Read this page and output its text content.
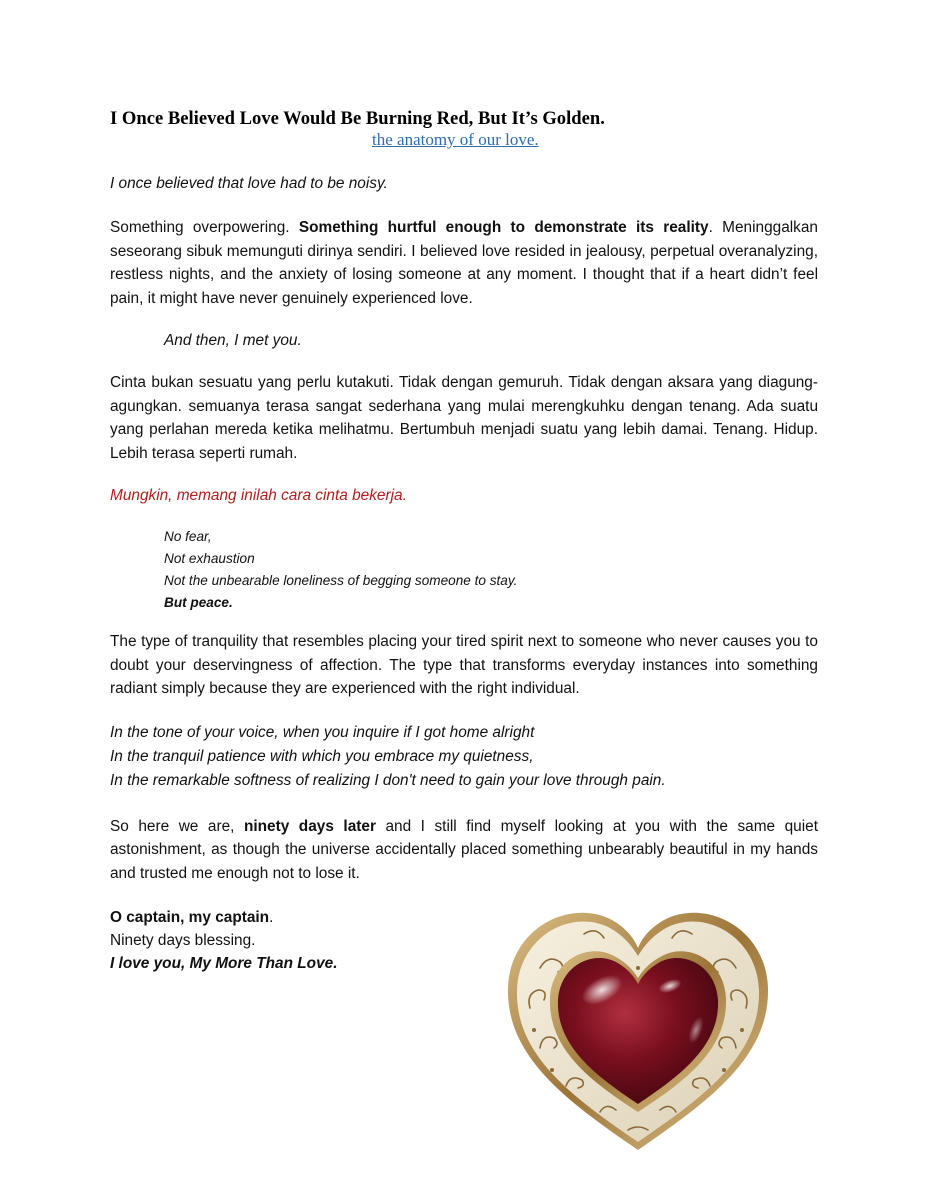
I Once Believed Love Would Be Burning Red, But It’s Golden.

the anatomy of our love.

I once believed that love had to be noisy.

Something overpowering. Something hurtful enough to demonstrate its reality. Meninggalkan seseorang sibuk memunguti dirinya sendiri. I believed love resided in jealousy, perpetual overanalyzing, restless nights, and the anxiety of losing someone at any moment. I thought that if a heart didn’t feel pain, it might have never genuinely experienced love.

And then, I met you.

Cinta bukan sesuatu yang perlu kutakuti. Tidak dengan gemuruh. Tidak dengan aksara yang diagung-agungkan. semuanya terasa sangat sederhana yang mulai merengkuhku dengan tenang. Ada suatu yang perlahan mereda ketika melihatmu. Bertumbuh menjadi suatu yang lebih damai. Tenang. Hidup. Lebih terasa seperti rumah.

Mungkin, memang inilah cara cinta bekerja.

No fear,
Not exhaustion
Not the unbearable loneliness of begging someone to stay.
But peace.

The type of tranquility that resembles placing your tired spirit next to someone who never causes you to doubt your deservingness of affection. The type that transforms everyday instances into something radiant simply because they are experienced with the right individual.

In the tone of your voice, when you inquire if I got home alright
In the tranquil patience with which you embrace my quietness,
In the remarkable softness of realizing I don't need to gain your love through pain.

So here we are, ninety days later and I still find myself looking at you with the same quiet astonishment, as though the universe accidentally placed something unbearably beautiful in my hands and trusted me enough not to lose it.

O captain, my captain.
Ninety days blessing.
I love you, My More Than Love.
